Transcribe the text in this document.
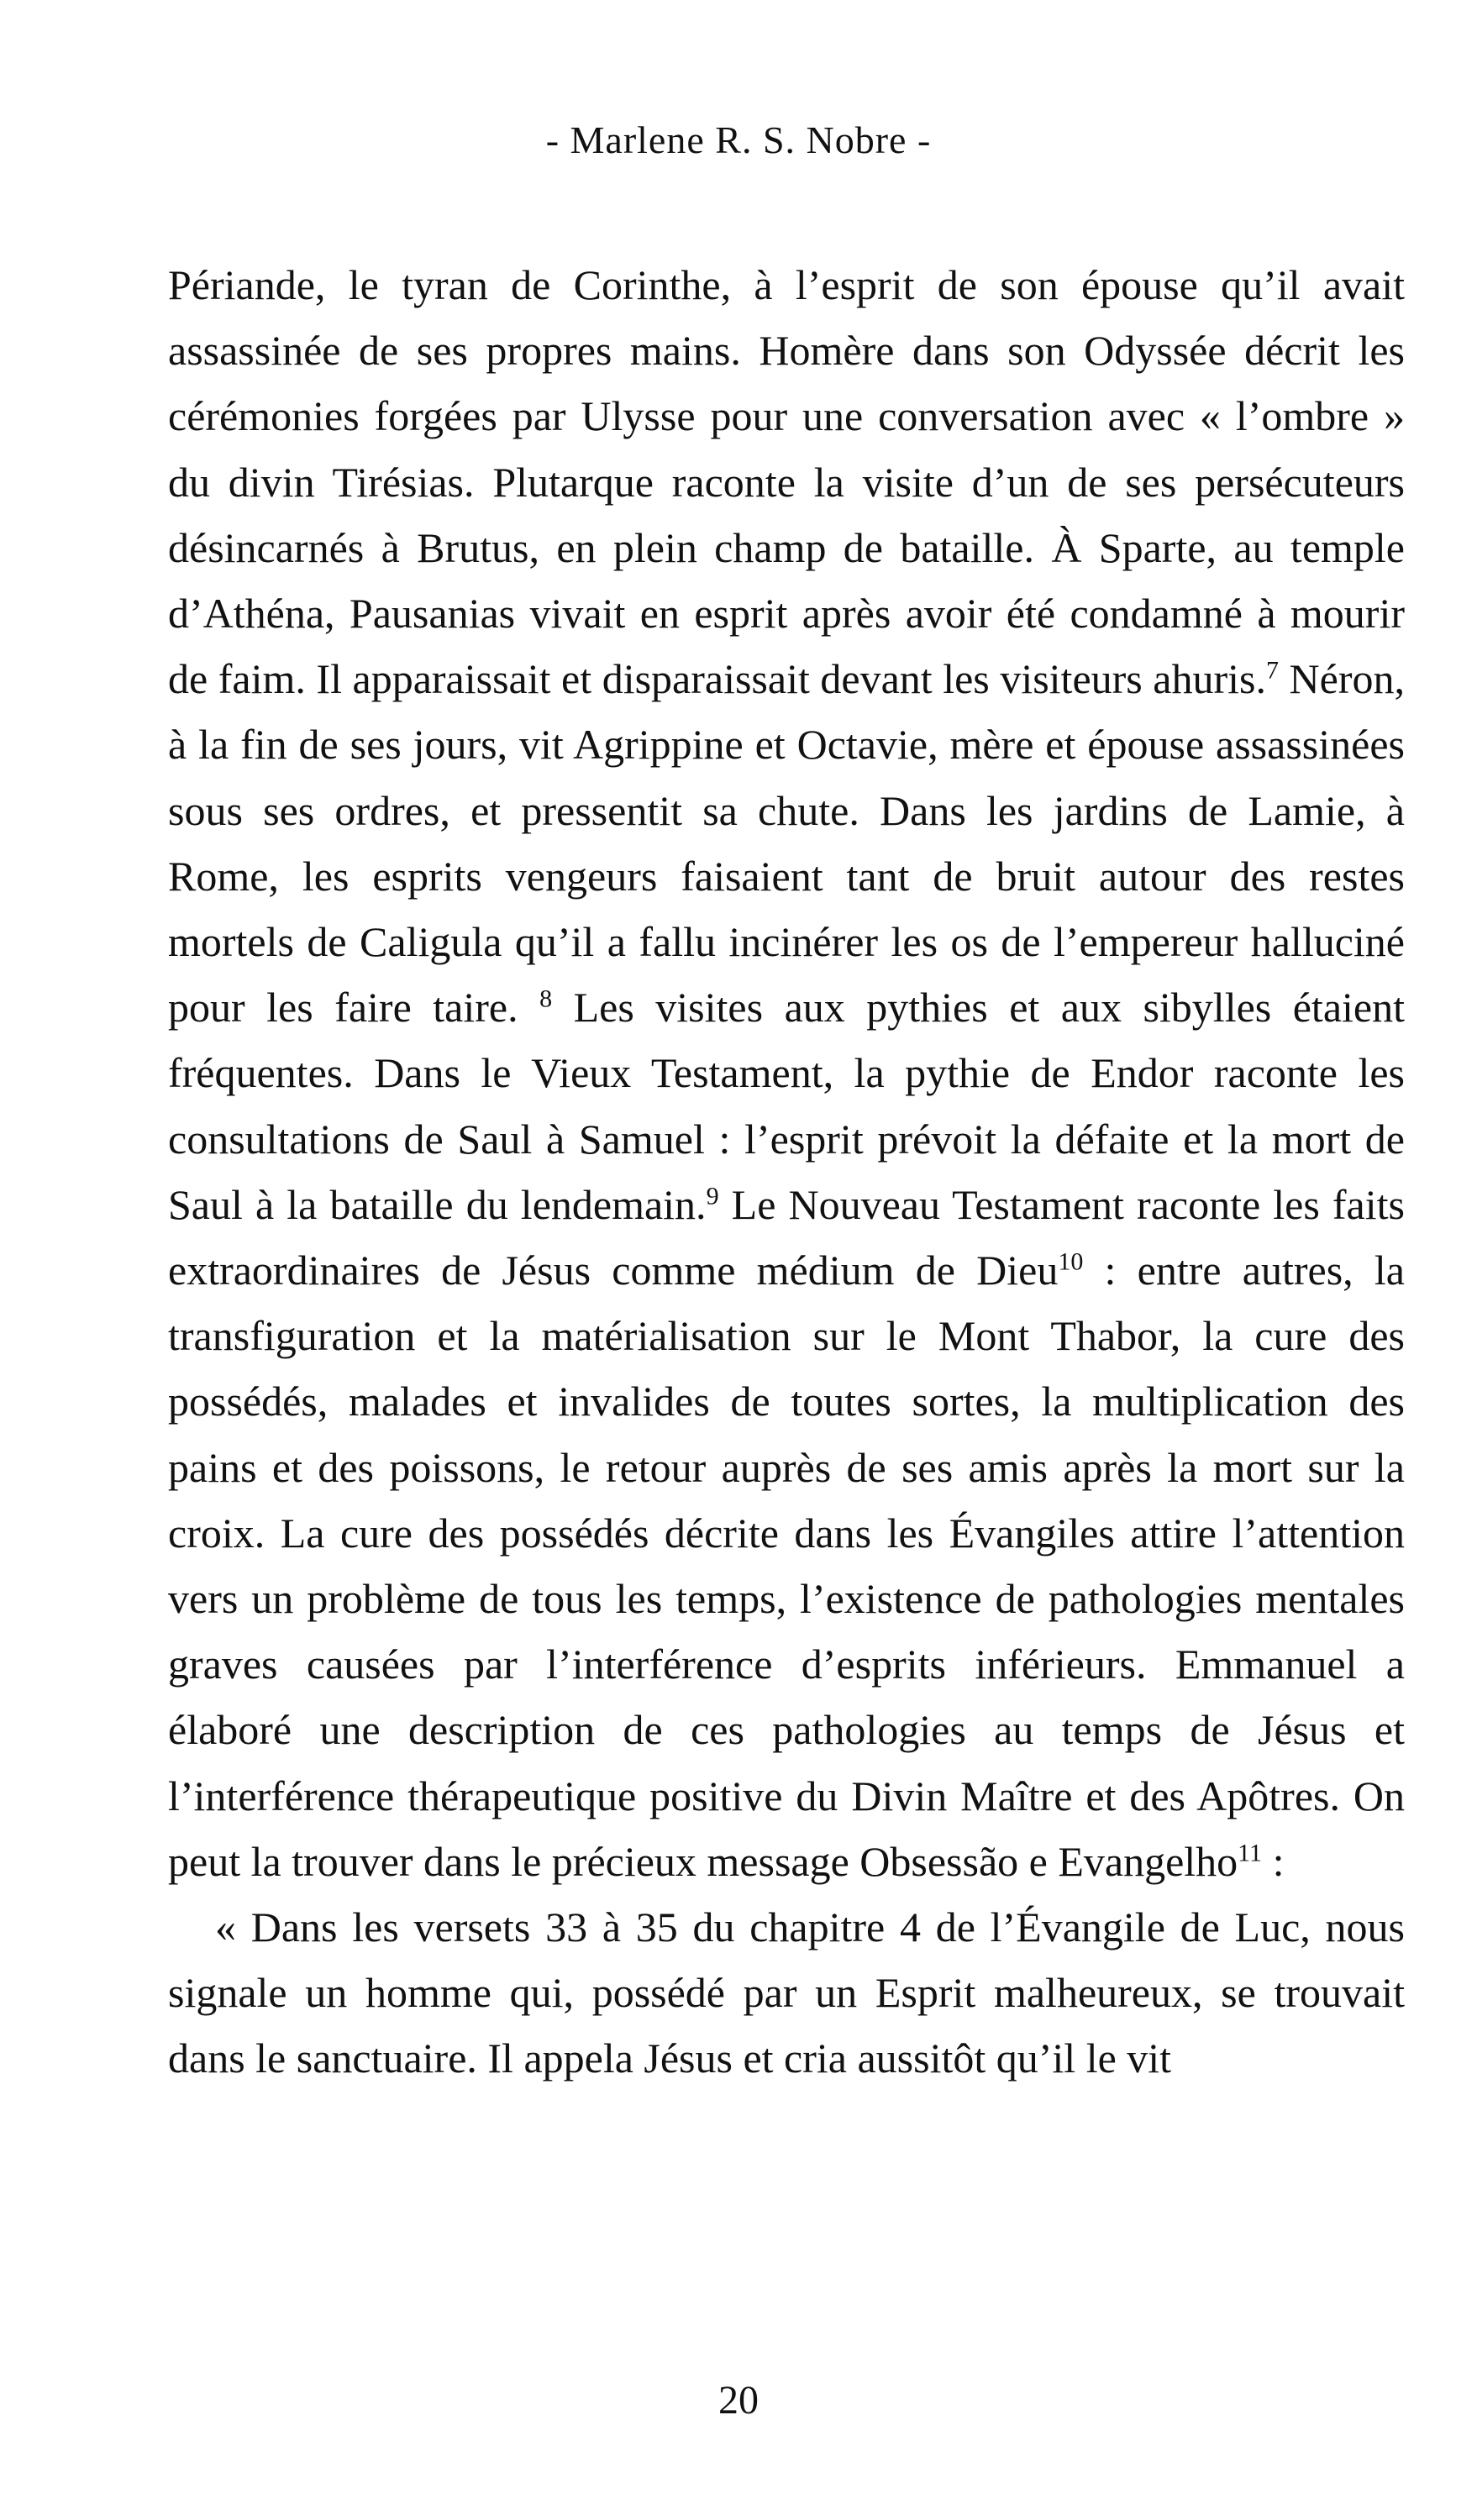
- Marlene R. S. Nobre -

Périande, le tyran de Corinthe, à l’esprit de son épouse qu’il avait assassinée de ses propres mains. Homère dans son Odyssée décrit les cérémonies forgées par Ulysse pour une conversation avec « l’ombre » du divin Tirésias. Plutarque raconte la visite d’un de ses persécuteurs désincarnés à Brutus, en plein champ de bataille. À Sparte, au temple d’Athéna, Pausanias vivait en esprit après avoir été condamné à mourir de faim. Il apparaissait et disparaissait devant les visiteurs ahuris.$^7$ Néron, à la fin de ses jours, vit Agrippine et Octavie, mère et épouse assassinées sous ses ordres, et pressentit sa chute. Dans les jardins de Lamie, à Rome, les esprits vengeurs faisaient tant de bruit autour des restes mortels de Caligula qu’il a fallu incinérer les os de l’empereur halluciné pour les faire taire. $^8$ Les visites aux pythies et aux sibylles étaient fréquentes. Dans le Vieux Testament, la pythie de Endor raconte les consultations de Saul à Samuel : l’esprit prévoit la défaite et la mort de Saul à la bataille du lendemain.$^9$ Le Nouveau Testament raconte les faits extraordinaires de Jésus comme médium de Dieu$^{10}$ : entre autres, la transfiguration et la matérialisation sur le Mont Thabor, la cure des possédés, malades et invalides de toutes sortes, la multiplication des pains et des poissons, le retour auprès de ses amis après la mort sur la croix. La cure des possédés décrite dans les Évangiles attire l’attention vers un problème de tous les temps, l’existence de pathologies mentales graves causées par l’interférence d’esprits inférieurs. Emmanuel a élaboré une description de ces pathologies au temps de Jésus et l’interférence thérapeutique positive du Divin Maître et des Apôtres. On peut la trouver dans le précieux message Obsessão e Evangelho$^{11}$ :

« Dans les versets 33 à 35 du chapitre 4 de l’Évangile de Luc, nous signale un homme qui, possédé par un Esprit malheureux, se trouvait dans le sanctuaire. Il appela Jésus et cria aussitôt qu’il le vit

20
